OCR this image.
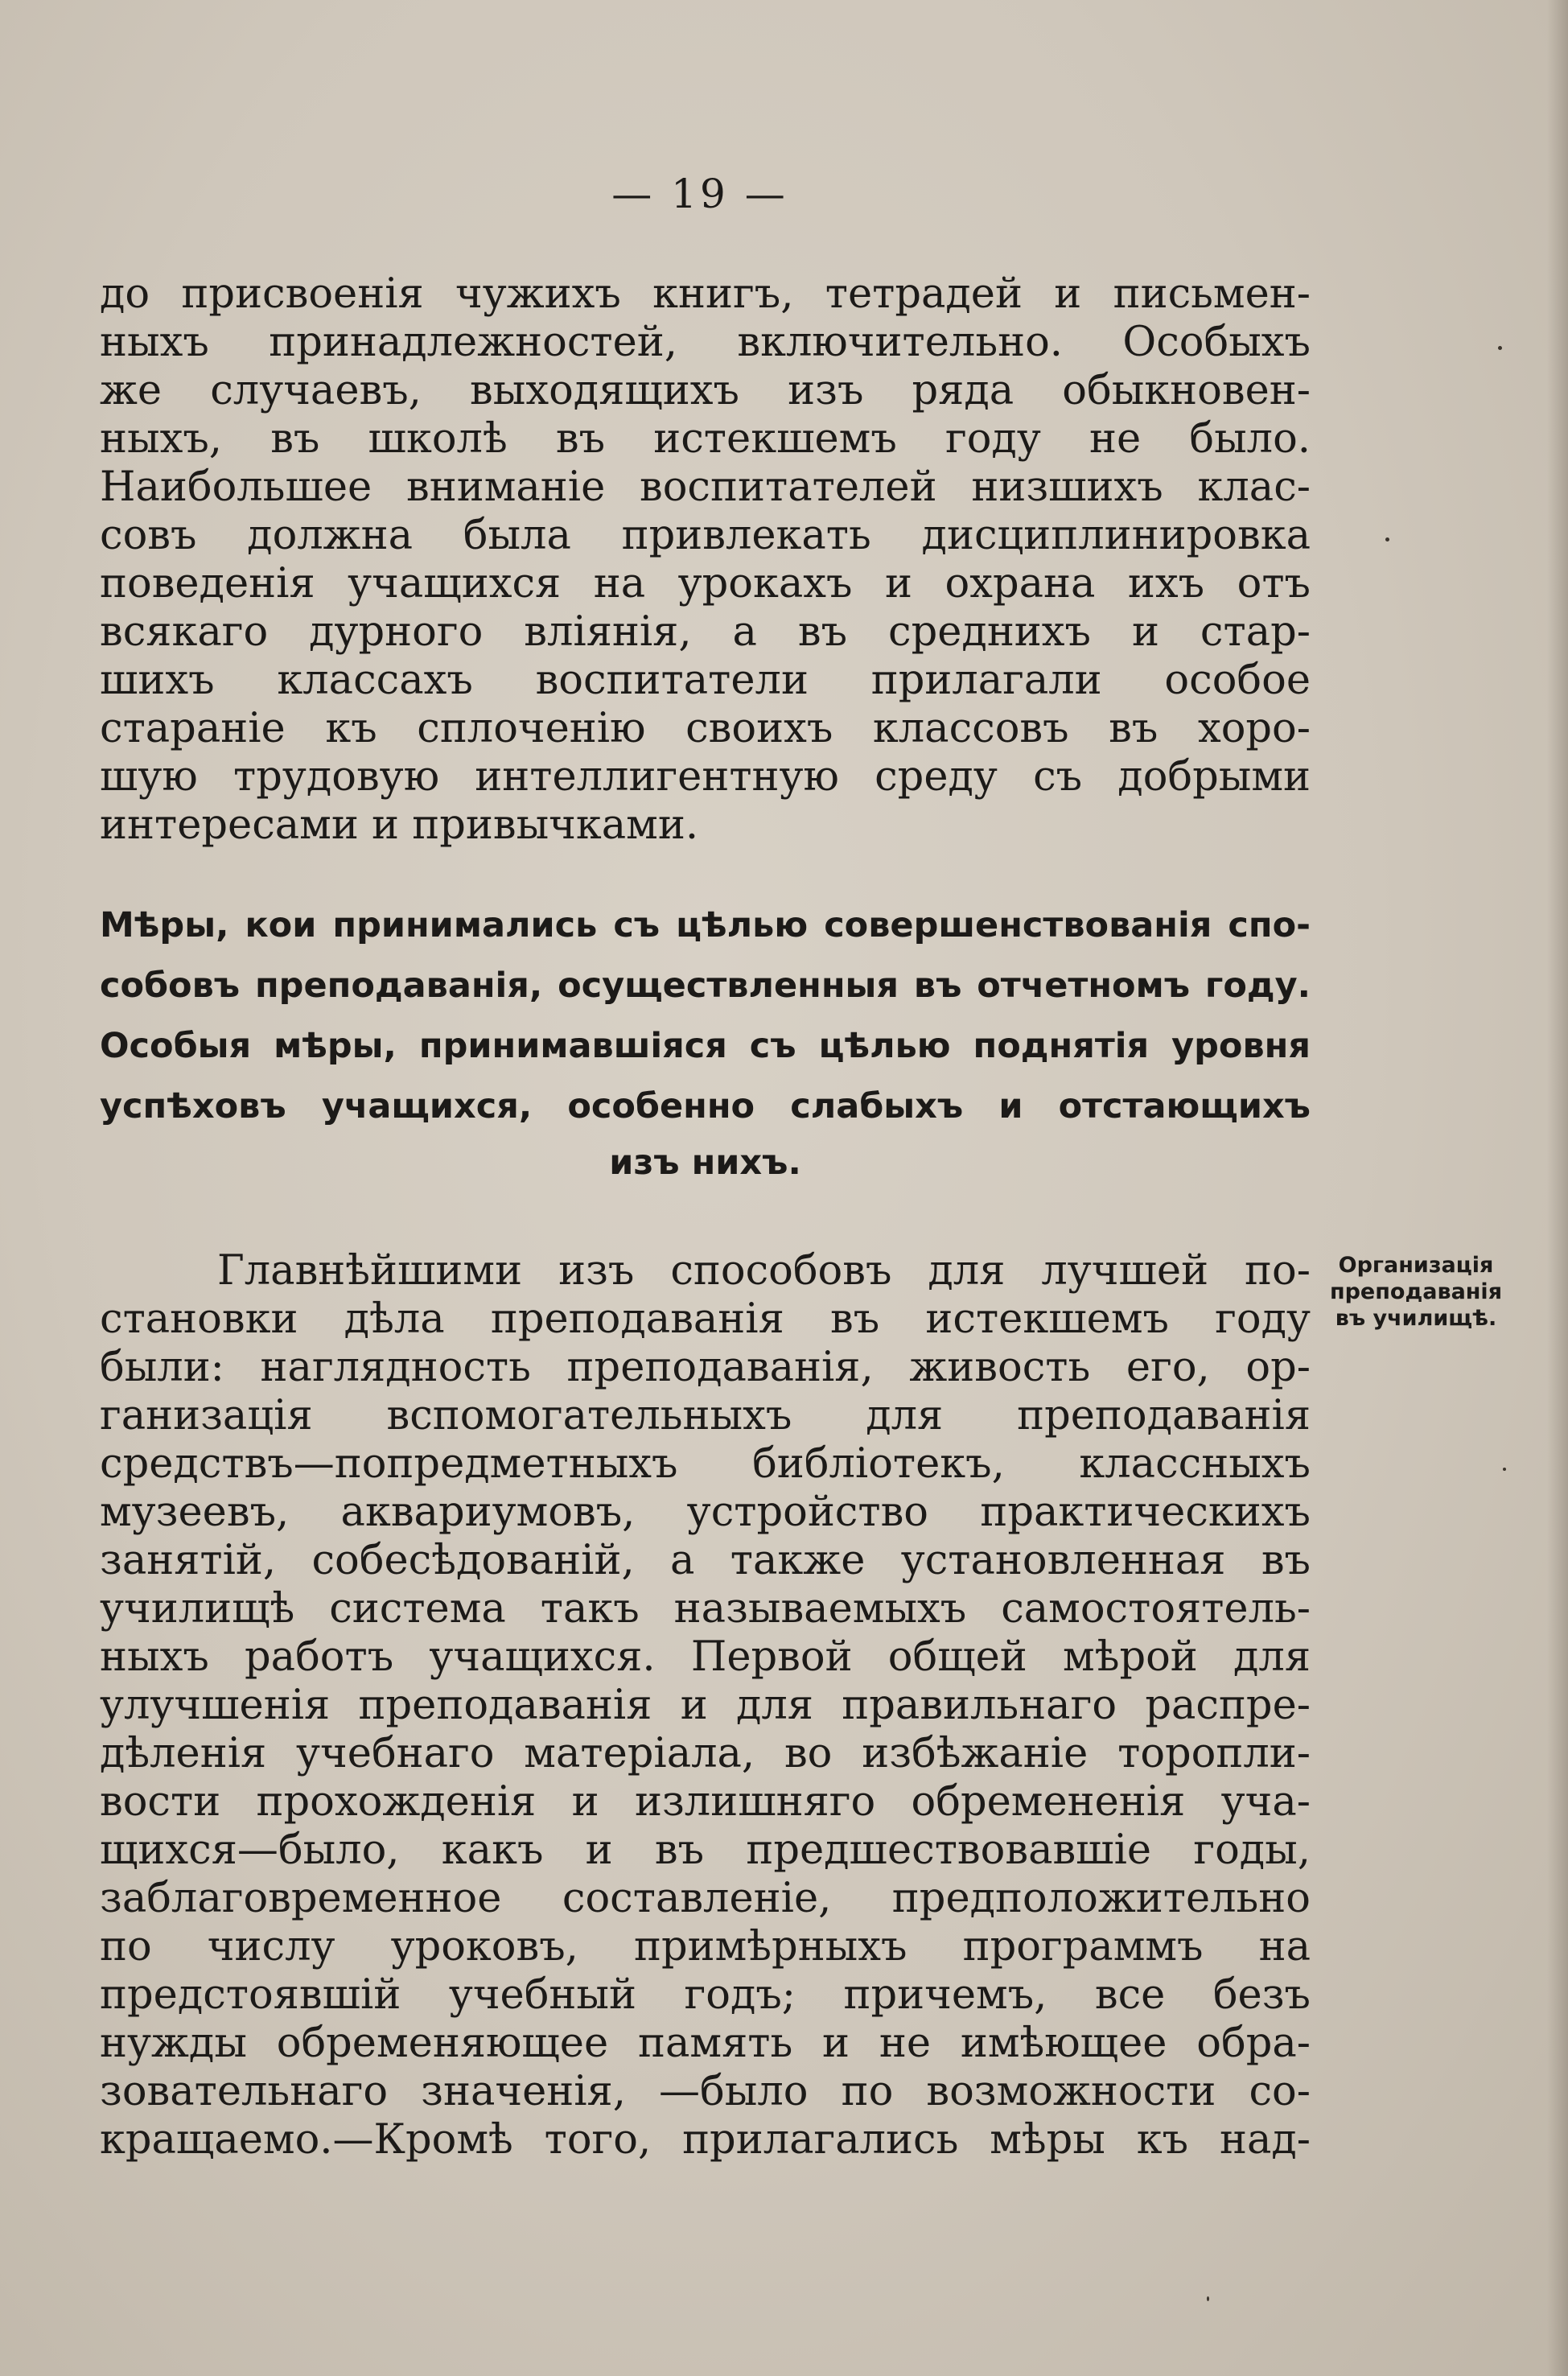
— 19 —
до присвоенія чужихъ книгъ, тетрадей и письмен-
ныхъ принадлежностей, включительно. Особыхъ
же случаевъ, выходящихъ изъ ряда обыкновен-
ныхъ, въ школѣ въ истекшемъ году не было.
Наибольшее вниманіе воспитателей низшихъ клас-
совъ должна была привлекать дисциплинировка
поведенія учащихся на урокахъ и охрана ихъ отъ
всякаго дурного вліянія, а въ среднихъ и стар-
шихъ классахъ воспитатели прилагали особое
стараніе къ сплоченію своихъ классовъ въ хоро-
шую трудовую интеллигентную среду съ добрыми
интересами и привычками.
Мѣры, кои принимались съ цѣлью совершенствованія спо-
собовъ преподаванія, осуществленныя въ отчетномъ году.
Особыя мѣры, принимавшіяся съ цѣлью поднятія уровня
успѣховъ учащихся, особенно слабыхъ и отстающихъ
изъ нихъ.
Организація
преподаванія
въ училищѣ.
Главнѣйшими изъ способовъ для лучшей по-
становки дѣла преподаванія въ истекшемъ году
были: наглядность преподаванія, живость его, ор-
ганизація вспомогательныхъ для преподаванія
средствъ—попредметныхъ библіотекъ, классныхъ
музеевъ, аквариумовъ, устройство практическихъ
занятій, собесѣдованій, а также установленная въ
училищѣ система такъ называемыхъ самостоятель-
ныхъ работъ учащихся. Первой общей мѣрой для
улучшенія преподаванія и для правильнаго распре-
дѣленія учебнаго матеріала, во избѣжаніе торопли-
вости прохожденія и излишняго обремененія уча-
щихся—было, какъ и въ предшествовавшіе годы,
заблаговременное составленіе, предположительно
по числу уроковъ, примѣрныхъ программъ на
предстоявшій учебный годъ; причемъ, все безъ
нужды обременяющее память и не имѣющее обра-
зовательнаго значенія, —было по возможности со-
кращаемо.—Кромѣ того, прилагались мѣры къ над-
